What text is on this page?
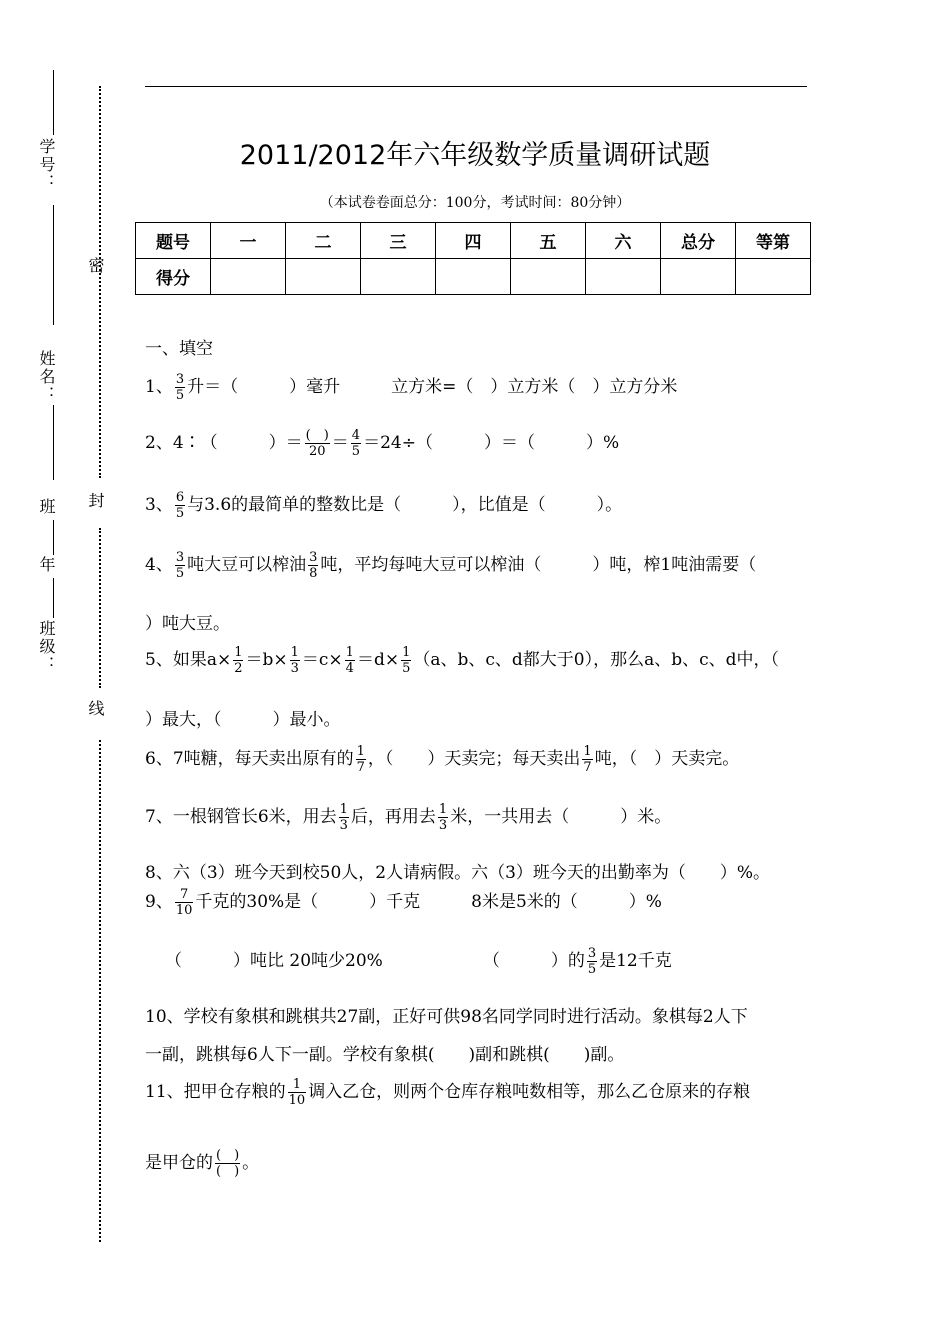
学号：
姓名：
班
年
班级：
密
封
线
2011/2012年六年级数学质量调研试题
（本试卷卷面总分：100分，考试时间：80分钟）
题号	一	二	三	四	五	六	总分	等第
得分								
一、填空
1、 $\frac{3}{5}$ 升＝（　　　）毫升　　　立方米=（　）立方米（　）立方分米
2、4∶（　　　）＝ $\frac{( )}{20} = \frac{4}{5} =24\div$（　　　）＝（　　　）%
3、 $\frac{6}{5}$ 与3.6的最简单的整数比是（　　　），比值是（　　　）。
4、 $\frac{3}{5}$ 吨大豆可以榨油 $\frac{3}{8}$ 吨，平均每吨大豆可以榨油（　　　）吨，榨1吨油需要（
）吨大豆。
5、如果$a\times \frac{1}{2} =b\times \frac{1}{3} =c\times \frac{1}{4} =d\times \frac{1}{5} (a$、b、c、d都大于0），那么a、b、c、d中，（
）最大，（　　　）最小。
6、7吨糖，每天卖出原有的 $\frac{1}{7}$ ，（　　）天卖完；每天卖出 $\frac{1}{7}$ 吨，（　）天卖完。
7、一根钢管长6米，用去 $\frac{1}{3}$ 后，再用去 $\frac{1}{3}$ 米，一共用去（　　　）米。
8、六（3）班今天到校50人，2人请病假。六（3）班今天的出勤率为（　　）%。
9、 $\frac{7}{10}$ 千克的30%是（　　　）千克　　　8米是5米的（　　　）%
（　　　）吨比 20吨少20%	（　　　）的 $\frac{3}{5}$ 是12千克
10、学校有象棋和跳棋共27副，正好可供98名同学同时进行活动。象棋每2人下
一副，跳棋每6人下一副。学校有象棋(　　)副和跳棋(　　)副。
11、把甲仓存粮的 $\frac{1}{10}$ 调入乙仓，则两个仓库存粮吨数相等，那么乙仓原来的存粮
是甲仓的 $\frac{( )}{( )}$ 。
